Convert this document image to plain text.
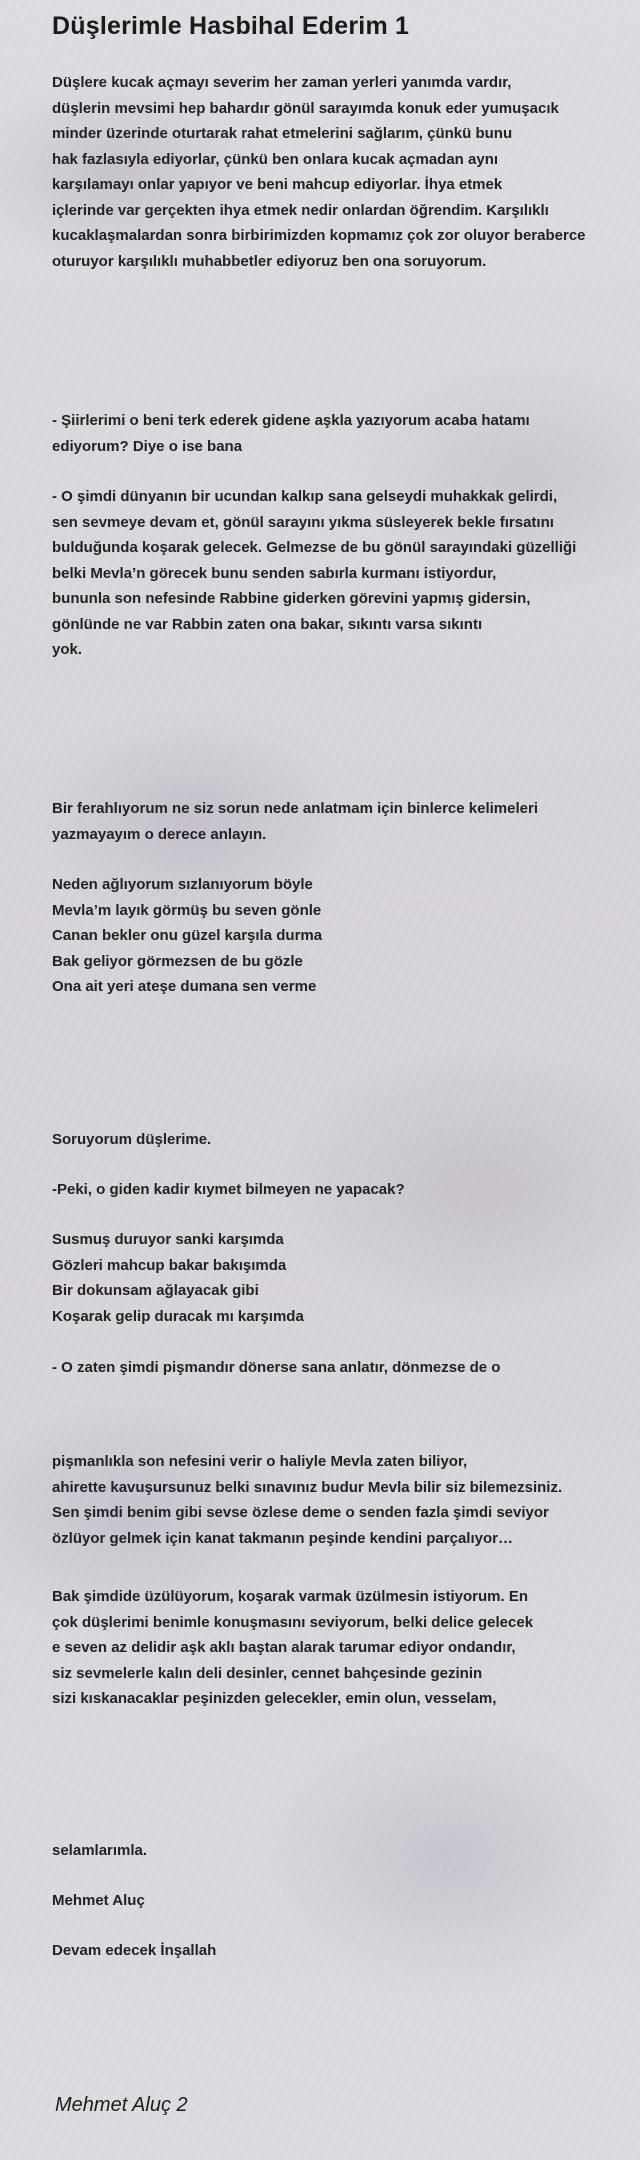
Düşlerimle Hasbihal Ederim 1
Düşlere kucak açmayı severim her zaman yerleri yanımda vardır,
düşlerin mevsimi hep bahardır gönül sarayımda konuk eder yumuşacık
minder üzerinde oturtarak rahat etmelerini sağlarım, çünkü bunu
hak fazlasıyla ediyorlar, çünkü ben onlara kucak açmadan aynı
karşılamayı onlar yapıyor ve beni mahcup ediyorlar. İhya etmek
içlerinde var gerçekten ihya etmek nedir onlardan öğrendim. Karşılıklı
kucaklaşmalardan sonra birbirimizden kopmamız çok zor oluyor beraberce
oturuyor karşılıklı muhabbetler ediyoruz ben ona soruyorum.
- Şiirlerimi o beni terk ederek gidene aşkla yazıyorum acaba hatamı
ediyorum? Diye o ise bana
- O şimdi dünyanın bir ucundan kalkıp sana gelseydi muhakkak gelirdi,
sen sevmeye devam et, gönül sarayını yıkma süsleyerek bekle fırsatını
bulduğunda koşarak gelecek. Gelmezse de bu gönül sarayındaki güzelliği
belki Mevla’n görecek bunu senden sabırla kurmanı istiyordur,
bununla son nefesinde Rabbine giderken görevini yapmış gidersin,
gönlünde ne var Rabbin zaten ona bakar, sıkıntı varsa sıkıntı
yok.
Bir ferahlıyorum ne siz sorun nede anlatmam için binlerce kelimeleri
yazmayayım o derece anlayın.
Neden ağlıyorum sızlanıyorum böyle
Mevla’m layık görmüş bu seven gönle
Canan bekler onu güzel karşıla durma
Bak geliyor görmezsen de bu gözle
Ona ait yeri ateşe dumana sen verme
Soruyorum düşlerime.
-Peki, o giden kadir kıymet bilmeyen ne yapacak?
Susmuş duruyor sanki karşımda
Gözleri mahcup bakar bakışımda
Bir dokunsam ağlayacak gibi
Koşarak gelip duracak mı karşımda
- O zaten şimdi pişmandır dönerse sana anlatır, dönmezse de o
pişmanlıkla son nefesini verir o haliyle Mevla zaten biliyor,
ahirette kavuşursunuz belki sınavınız budur Mevla bilir siz bilemezsiniz.
Sen şimdi benim gibi sevse özlese deme o senden fazla şimdi seviyor
özlüyor gelmek için kanat takmanın peşinde kendini parçalıyor…
Bak şimdide üzülüyorum, koşarak varmak üzülmesin istiyorum. En
çok düşlerimi benimle konuşmasını seviyorum, belki delice gelecek
e seven az delidir aşk aklı baştan alarak tarumar ediyor ondandır,
siz sevmelerle kalın deli desinler, cennet bahçesinde gezinin
sizi kıskanacaklar peşinizden gelecekler, emin olun, vesselam,
selamlarımla.
Mehmet Aluç
Devam edecek İnşallah
Mehmet Aluç 2
